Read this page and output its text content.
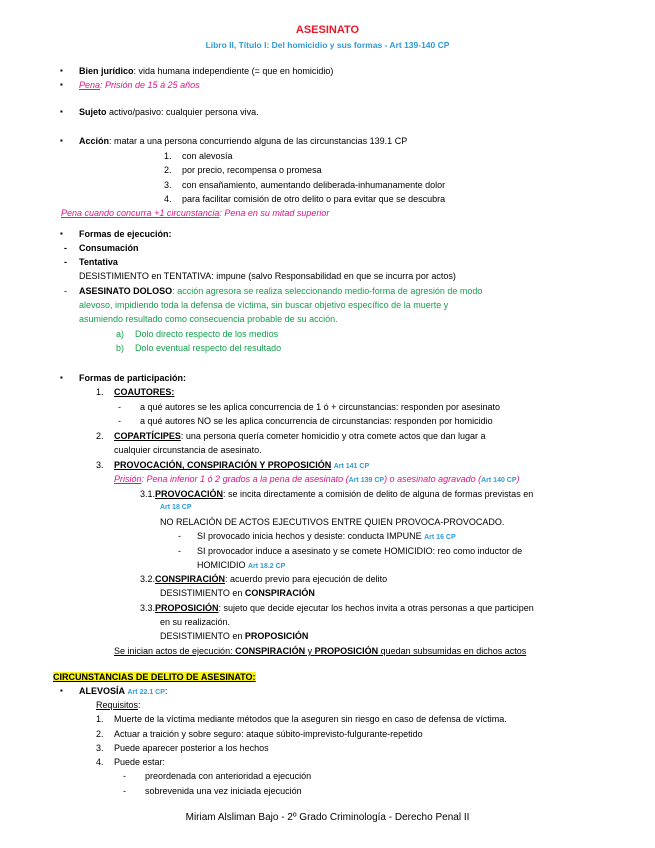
ASESINATO
Libro II, Título I: Del homicidio y sus formas - Art 139-140 CP
▪ Bien jurídico: vida humana independiente (= que en homicidio)
▪ Pena: Prisión de 15 á 25 años
▪ Sujeto activo/pasivo: cualquier persona viva.
▪ Acción: matar a una persona concurriendo alguna de las circunstancias 139.1 CP
1. con alevosía
2. por precio, recompensa o promesa
3. con ensañamiento, aumentando deliberada-inhumanamente dolor
4. para facilitar comisión de otro delito o para evitar que se descubra
Pena cuando concurra +1 circunstancia: Pena en su mitad superior
▪ Formas de ejecución:
- Consumación
- Tentativa
DESISTIMIENTO en TENTATIVA: impune (salvo Responsabilidad en que se incurra por actos)
- ASESINATO DOLOSO: acción agresora se realiza seleccionando medio-forma de agresión de modo
alevoso, impidiendo toda la defensa de víctima, sin buscar objetivo específico de la muerte y
asumiendo resultado como consecuencia probable de su acción.
a) Dolo directo respecto de los medios
b) Dolo eventual respecto del resultado
▪ Formas de participación:
1. COAUTORES:
- a qué autores se les aplica concurrencia de 1 ó + circunstancias: responden por asesinato
- a qué autores NO se les aplica concurrencia de circunstancias: responden por homicidio
2. COPARTÍCIPES: una persona quería cometer homicidio y otra comete actos que dan lugar a
cualquier circunstancia de asesinato.
3. PROVOCACIÓN, CONSPIRACIÓN Y PROPOSICIÓN Art 141 CP
Prisión: Pena inferior 1 ó 2 grados a la pena de asesinato (Art 139 CP) o asesinato agravado (Art 140 CP)
3.1.PROVOCACIÓN: se incita directamente a comisión de delito de alguna de formas previstas en
Art 18 CP
NO RELACIÓN DE ACTOS EJECUTIVOS ENTRE QUIEN PROVOCA-PROVOCADO.
- SI provocado inicia hechos y desiste: conducta IMPUNE Art 16 CP
- SI provocador induce a asesinato y se comete HOMICIDIO: reo como inductor de
HOMICIDIO Art 18.2 CP
3.2.CONSPIRACIÓN: acuerdo previo para ejecución de delito
DESISTIMIENTO en CONSPIRACIÓN
3.3.PROPOSICIÓN: sujeto que decide ejecutar los hechos invita a otras personas a que participen
en su realización.
DESISTIMIENTO en PROPOSICIÓN
Se inician actos de ejecución: CONSPIRACIÓN y PROPOSICIÓN quedan subsumidas en dichos actos
CIRCUNSTANCIAS DE DELITO DE ASESINATO:
▪ ALEVOSÍA Art 22.1 CP:
Requisitos:
1. Muerte de la víctima mediante métodos que la aseguren sin riesgo en caso de defensa de víctima.
2. Actuar a traición y sobre seguro: ataque súbito-imprevisto-fulgurante-repetido
3. Puede aparecer posterior a los hechos
4. Puede estar:
- preordenada con anterioridad a ejecución
- sobrevenida una vez iniciada ejecución
Miriam Alsliman Bajo - 2º Grado Criminología - Derecho Penal II
